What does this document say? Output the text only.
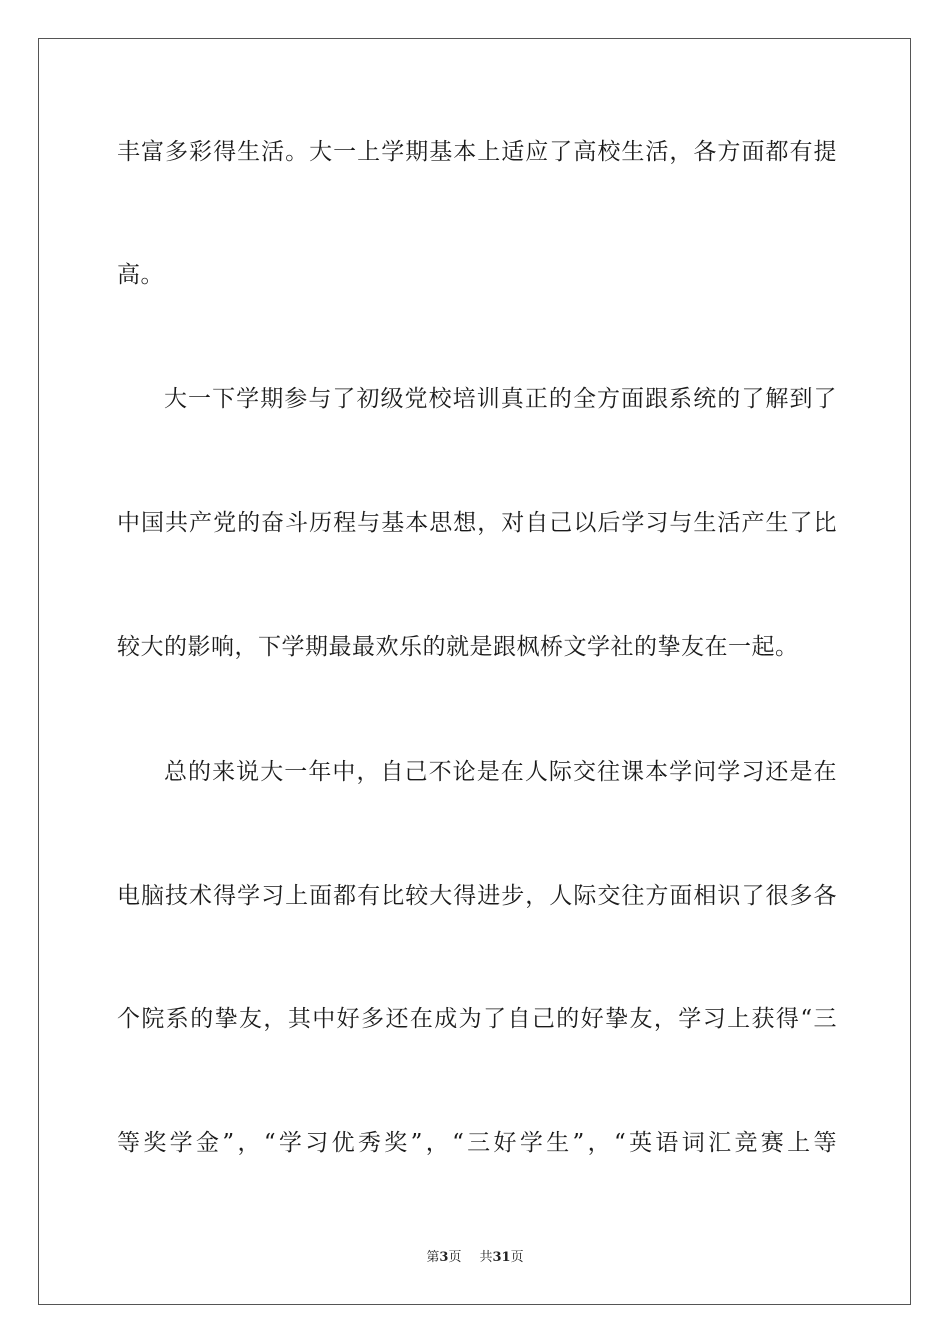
丰富多彩得生活。大一上学期基本上适应了高校生活，各方面都有提
高。
大一下学期参与了初级党校培训真正的全方面跟系统的了解到了
中国共产党的奋斗历程与基本思想，对自己以后学习与生活产生了比
较大的影响，下学期最最欢乐的就是跟枫桥文学社的挚友在一起。
总的来说大一年中，自己不论是在人际交往课本学问学习还是在
电脑技术得学习上面都有比较大得进步，人际交往方面相识了很多各
个院系的挚友，其中好多还在成为了自己的好挚友，学习上获得“三
等奖学金”，“学习优秀奖”，“三好学生”，“英语词汇竞赛上等
第3页 共31页
